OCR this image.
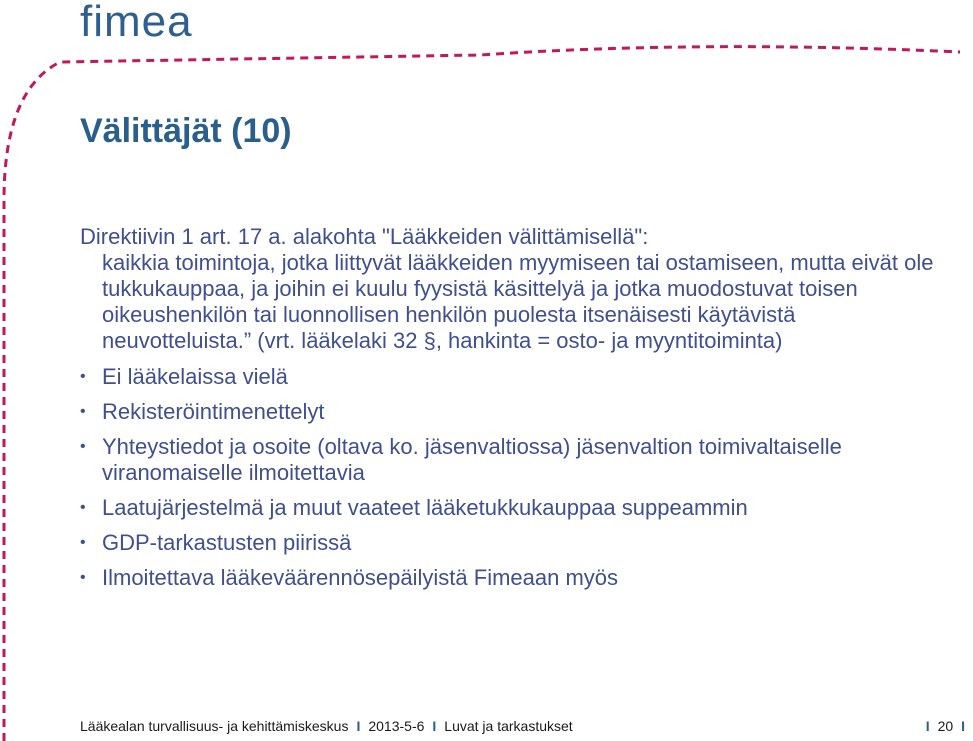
fimea
Välittäjät (10)

Direktiivin 1 art. 17 a. alakohta "Lääkkeiden välittämisellä":
kaikkia toimintoja, jotka liittyvät lääkkeiden myymiseen tai ostamiseen, mutta eivät ole tukkukauppaa, ja joihin ei kuulu fyysistä käsittelyä ja jotka muodostuvat toisen oikeushenkilön tai luonnollisen henkilön puolesta itsenäisesti käytävistä neuvotteluista.” (vrt. lääkelaki 32 §, hankinta = osto- ja myyntitoiminta)

• Ei lääkelaissa vielä
• Rekisteröintimenettelyt
• Yhteystiedot ja osoite (oltava ko. jäsenvaltiossa) jäsenvaltion toimivaltaiselle viranomaiselle ilmoitettavia
• Laatujärjestelmä ja muut vaateet lääketukkukauppaa suppeammin
• GDP-tarkastusten piirissä
• Ilmoitettava lääkeväärennösepäilyistä Fimeaan myös
Lääkealan turvallisuus- ja kehittämiskeskus I 2013-5-6 I Luvat ja tarkastukset	I 20 I
